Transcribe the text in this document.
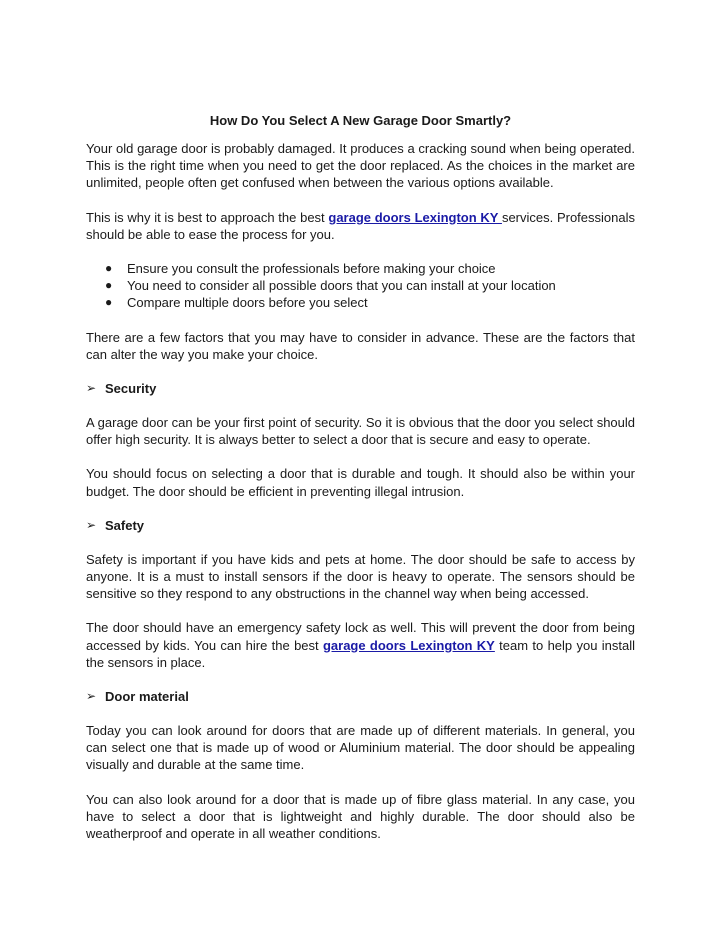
How Do You Select A New Garage Door Smartly?

Your old garage door is probably damaged. It produces a cracking sound when being operated. This is the right time when you need to get the door replaced. As the choices in the market are unlimited, people often get confused when between the various options available.

This is why it is best to approach the best garage doors Lexington KY services. Professionals should be able to ease the process for you.

● Ensure you consult the professionals before making your choice
● You need to consider all possible doors that you can install at your location
● Compare multiple doors before you select

There are a few factors that you may have to consider in advance. These are the factors that can alter the way you make your choice.

➢ Security

A garage door can be your first point of security. So it is obvious that the door you select should offer high security. It is always better to select a door that is secure and easy to operate.

You should focus on selecting a door that is durable and tough. It should also be within your budget. The door should be efficient in preventing illegal intrusion.

➢ Safety

Safety is important if you have kids and pets at home. The door should be safe to access by anyone. It is a must to install sensors if the door is heavy to operate. The sensors should be sensitive so they respond to any obstructions in the channel way when being accessed.

The door should have an emergency safety lock as well. This will prevent the door from being accessed by kids. You can hire the best garage doors Lexington KY team to help you install the sensors in place.

➢ Door material

Today you can look around for doors that are made up of different materials. In general, you can select one that is made up of wood or Aluminium material. The door should be appealing visually and durable at the same time.

You can also look around for a door that is made up of fibre glass material. In any case, you have to select a door that is lightweight and highly durable. The door should also be weatherproof and operate in all weather conditions.
